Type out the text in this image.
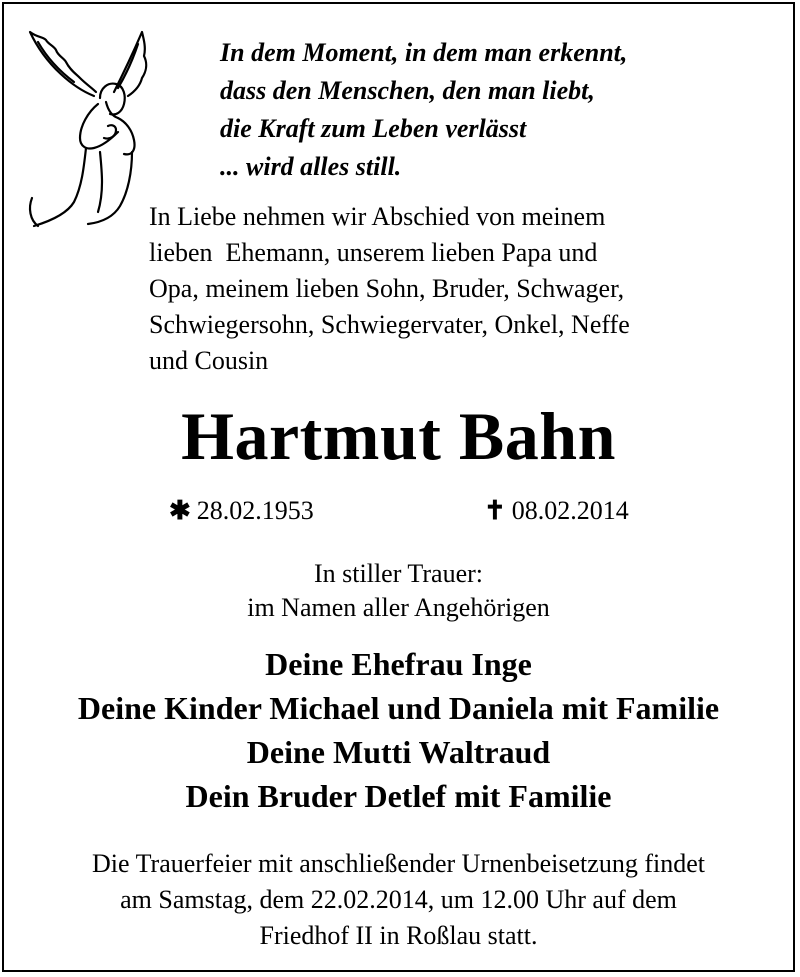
In dem Moment, in dem man erkennt,
dass den Menschen, den man liebt,
die Kraft zum Leben verlässt
... wird alles still.
In Liebe nehmen wir Abschied von meinem
lieben  Ehemann, unserem lieben Papa und
Opa, meinem lieben Sohn, Bruder, Schwager,
Schwiegersohn, Schwiegervater, Onkel, Neffe
und Cousin
Hartmut Bahn
✱ 28.02.1953	✝ 08.02.2014
In stiller Trauer:
im Namen aller Angehörigen
Deine Ehefrau Inge
Deine Kinder Michael und Daniela mit Familie
Deine Mutti Waltraud
Dein Bruder Detlef mit Familie
Die Trauerfeier mit anschließender Urnenbeisetzung findet
am Samstag, dem 22.02.2014, um 12.00 Uhr auf dem
Friedhof II in Roßlau statt.
